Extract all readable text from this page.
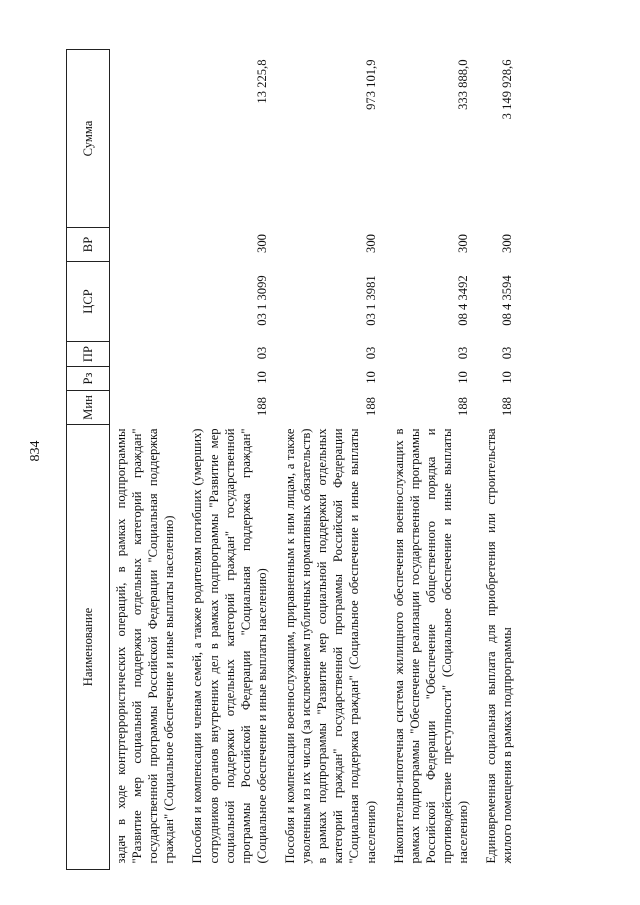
834
Наименование	Мин	Рз	ПР	ЦСР	ВР	Сумма
задач в ходе контртеррористических операций, в рамках подпрограммы "Развитие мер социальной поддержки отдельных категорий граждан" государственной программы Российской Федерации "Социальная поддержка граждан" (Социальное обеспечение и иные выплаты населению)						
Пособия и компенсации членам семей, а также родителям погибших (умерших) сотрудников органов внутренних дел в рамках подпрограммы "Развитие мер социальной поддержки отдельных категорий граждан" государственной программы Российской Федерации "Социальная поддержка граждан" (Социальное обеспечение и иные выплаты населению)	188	10	03	03 1 3099	300	13 225,8
Пособия и компенсации военнослужащим, приравненным к ним лицам, а также уволенным из их числа (за исключением публичных нормативных обязательств) в рамках подпрограммы "Развитие мер социальной поддержки отдельных категорий граждан" государственной программы Российской Федерации "Социальная поддержка граждан" (Социальное обеспечение и иные выплаты населению)	188	10	03	03 1 3981	300	973 101,9
Накопительно-ипотечная система жилищного обеспечения военнослужащих в рамках подпрограммы "Обеспечение реализации государственной программы Российской Федерации "Обеспечение общественного порядка и противодействие преступности" (Социальное обеспечение и иные выплаты населению)	188	10	03	08 4 3492	300	333 888,0
Единовременная социальная выплата для приобретения или строительства жилого помещения в рамках подпрограммы	188	10	03	08 4 3594	300	3 149 928,6
